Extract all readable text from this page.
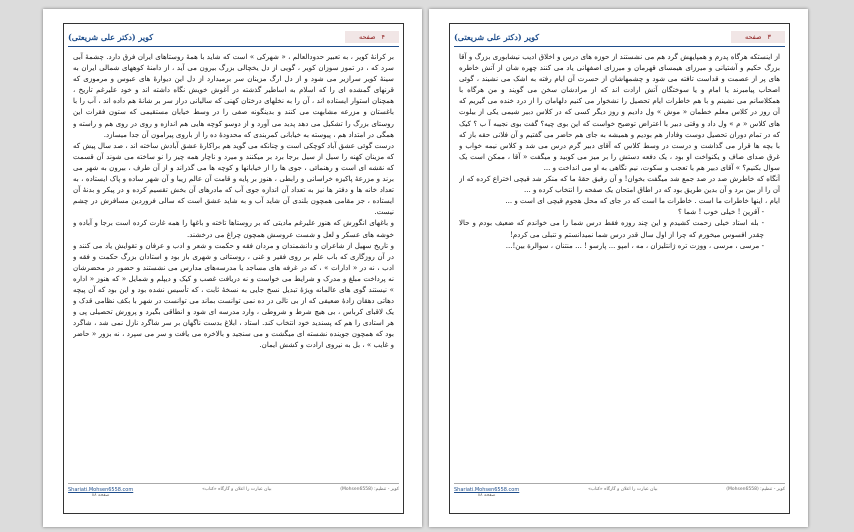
کویر (دکتر علی شریعتی)	صفحه ۳

از اینستکه هرگاه پدرم و همپایهش گرد هم می نشستند از حوزه های درس و اخلاق ادیب نیشابوری بزرگ و آقا بزرگ حکیم و آشتیانی و میرزای هیمسای قهرمان و میرزای اصفهانی یاد می کنند چهره شان از آتش خاطره های پر از عصمت و قداست تافته می شود و چشمهاشان از حسرت آن ایام رفته به اشک می نشیند ، گوئی اصحاب پیامبرند یا امام و یا سوختگان آتش ارادت اند که از مرادشان سخن می گویند و من هرگاه با همکلاسانم می نشینم و با هم خاطرات ایام تحصیل را نشخوار می کنیم دلهامان را از درد خنده می گیریم که آن روز در کلاس معلم خطمان « موش » ول دادیم و روز دیگر کسی که در کلاس دبیر شیمی یکی از بیلوت های کلاس « م » ول داد و وقتی دبیر با اعتراض توضیح خواست که این بوی چیه؟ گفت بوی نجیبه آ ب ؟ کیک که در تمام دوران تحصیل دوست وفادار هم بودیم و همیشه به جای هم حاضر می گفتیم و آن فلانی حقه باز که با بچه ها قرار می گذاشت و درست در وسط کلاس که آقای دبیر گرم درس می شد و کلاس نیمه خواب و غرق صدای صاف و یکنواخت او بود ، یک دفعه دستش را بر میز می کوبید و میگفت « آقا ، ممکن است یک سوال بکنیم؟ » آقای دبیر هم با تعجب و سکوت، نیم نگاهی به او می انداخت و ...

آنگاه که خاطرش صد در صد جمع شد میگفت بخوان! و آن رفیق حقهٔ ما که منکر شد قیچی اختراع کرده که از آن را از بین برد و آن بدین طریق بود که در اطاق امتحان یک صفحه را انتخاب کرده و ...

ایام ، اینها خاطرات ما است . خاطرات ما است که در جای که محل هجوم قیچی ای است و ...

- آقرین ! خیلی خوب ! شما ؟

- بله استاد خیلی زحمت کشیدم و این چند روزه فقط درس شما را می خواندم که ضعیف بودم و حالا چقدر افسوس میخورم که چرا از اول سال قدر درس شما نمیدانستم و تنبلی می کردم!

- مرسی ، مرسی ، ووزت تره ژانتلیزان ، مه ، امپو ... پارسو ! ... منتنان ، سوالرة بین!...

Shariati.Mohsen6558.com
صفحه ۸۸
بیان عبارت را اعلان و گارگاه «کتاب»	کویر - تنظیم: (Mohsen6558)
کویر (دکتر علی شریعتی)	صفحه ۴

بر کرانهٔ کویر ، به تعبیر حدودالعالم ، « شهرکی » است که شاید با همهٔ روستاهای ایران فرق دارد. چشمهٔ آبی سرد که ، در تموز سوزان کویر ، گویی از دل یخچالی بزرگ بیرون می آید ، از دامنهٔ کوههای شمالی ایران به سینهٔ کویر سرازیر می شود و از دل ارگ مزینان سر برمیدارد از دل این دیوارهٔ های عبوس و مرموزی که قرنهای گمشده ای را که اسلام به اساطیر گذشته در آغوش خویش نگاه داشته اند و خود علیرغم تاریخ ، همچنان استوار ایستاده اند ، آن را به نخلهای درختان کهنی که سالیانی دراز سر بر شانهٔ هم داده اند ، آب را با باغستان و مزرعه مشابهت می کنند و بدینگونه صفی را در وسط خیابان مستقیمی که ستون فقرات این روستای بزرگ را تشکیل می دهد پدید می آورد و از دوسو کوچه هایی هم اندازه و روی در روی هم و راسته و همگی در امتداد هم ، پیوسته به خیابانی کمربندی که محدودهٔ ده را از باروی پیرامون آن جدا میسازد.

درست گوئی عشق آباد کوچکی است و چنانکه می گوید هم براکارهٔ عشق آبادش ساخته اند ، صد سال پیش که که مزینان کهنه را سیل از سیل برجا برد بر میکنند و میرد و ناچار همه چیز را نو ساخته می شوند آن قسمت که نقشه ای است و رهنمائی ، جوی ها را از خیابانها و کوچه ها می گذراند و از آن طرف ، بیرون به شهر می برند و مزرعهٔ پاکیزه خراسانی و رابطی ، هنوز بر پایه و قامت آن عالم زیبا و آن شهر ساده و پاک ایستاده ، به تعداد خانه ها و دفتر ها نیز به تعداد آن اندازه جوی آب که مادرهای آن بخش تقسیم کرده و در پیکر و بدنهٔ آن ایستاده ، جز مقامی همچون بلندی آن شاید آب و به شاید عشق است که سالی فروردین مسافرش در چشم نیست.

و باغهای انگورش که هنوز علیرغم مادیتی که بر روستاها تاخته و باغها را همه غارت کرده است برجا و آباده و خوشه های عسکر و لعل و شست عروسش همچون چراغ می درخشند.

و تاریخ سهیل از شاعران و دانشمندان و مردان فقه و حکمت و شعر و ادب و عرفان و تقوایش یاد می کنند و در آن روزگاری که باب علم بر روی فقیر و غنی ، روستائی و شهری باز بود و استادان بزرگ حکمت و فقه و ادب ، نه در « ادارات » ، که در غرفه های مساجد یا مدرسه‌های مدارس می نشستند و حضور در محضرشان نه پرداخت مبلغ و مدرک و شرایط می خواست و نه دریافت غصب و کیک و دیپلم و شمایل « که هنوز « اداره » نیستند گوی های عالمانه ویژهٔ تبدیل نسخ جایی به نسخهٔ ثابت ، که تأسیس نشده بود و این بود که آن پیچه دهاتی دهقان زادهٔ ضعیفی که از بی تالی در ده نمی توانست بماند می توانست در شهر با بکف نظامی قدک و یک لاقبای کرباس ، بی هیچ شرط و شروطی ، وارد مدرسه ای شود و انطاقی بگیرد و پرورش تحصیلی پی و هر استادی را هم که پسندید خود انتخاب کند. استاد ، ابلاغ بدست ناگهان بر سر شاگرد نازل نمی شد ، شاگرد بود که همچون جوینده نشسته ای میگشت و می سنجید و بالاخره می یافت و سر می سپرد ، نه بزور « حاضر و غایب » ، بل به نیروی ارادت و کشش ایمان.

Shariati.Mohsen6558.com
صفحه ۸۸
بیان عبارت را اعلان و گارگاه «کتاب»	کویر - تنظیم: (Mohsen6558)
